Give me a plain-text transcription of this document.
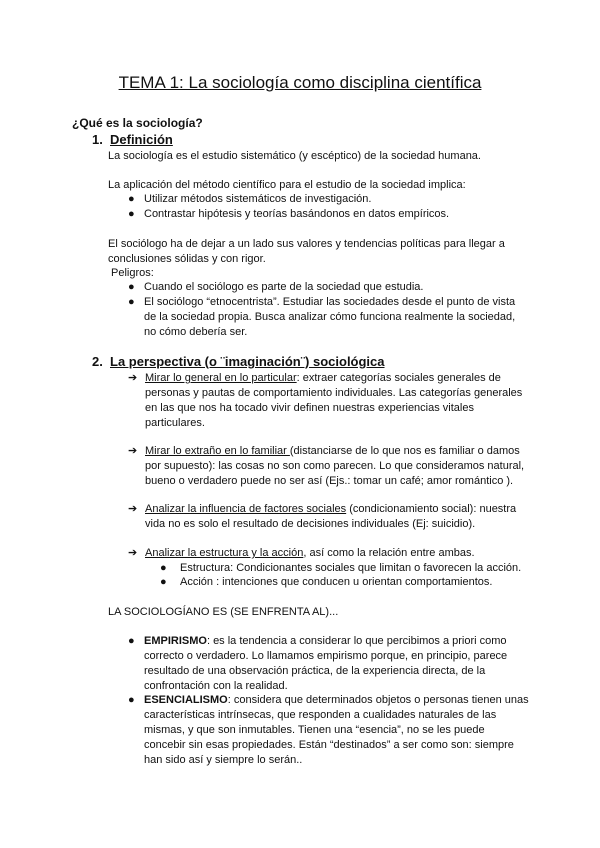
TEMA 1: La sociología como disciplina científica
¿Qué es la sociología?
1. Definición
La sociología es el estudio sistemático (y escéptico) de la sociedad humana.
La aplicación del método científico para el estudio de la sociedad implica:
● Utilizar métodos sistemáticos de investigación.
● Contrastar hipótesis y teorías basándonos en datos empíricos.
El sociólogo ha de dejar a un lado sus valores y tendencias políticas para llegar a conclusiones sólidas y con rigor.
Peligros:
● Cuando el sociólogo es parte de la sociedad que estudia.
● El sociólogo “etnocentrista”. Estudiar las sociedades desde el punto de vista de la sociedad propia. Busca analizar cómo funciona realmente la sociedad, no cómo debería ser.
2. La perspectiva (o ¨imaginación¨) sociológica
➔ Mirar lo general en lo particular: extraer categorías sociales generales de personas y pautas de comportamiento individuales. Las categorías generales en las que nos ha tocado vivir definen nuestras experiencias vitales particulares.
➔ Mirar lo extraño en lo familiar (distanciarse de lo que nos es familiar o damos por supuesto): las cosas no son como parecen. Lo que consideramos natural, bueno o verdadero puede no ser así (Ejs.: tomar un café; amor romántico ).
➔ Analizar la influencia de factores sociales (condicionamiento social): nuestra vida no es solo el resultado de decisiones individuales (Ej: suicidio).
➔ Analizar la estructura y la acción, así como la relación entre ambas.
● Estructura: Condicionantes sociales que limitan o favorecen la acción.
● Acción : intenciones que conducen u orientan comportamientos.
LA SOCIOLOGÍANO ES (SE ENFRENTA AL)...
● EMPIRISMO: es la tendencia a considerar lo que percibimos a priori como correcto o verdadero. Lo llamamos empirismo porque, en principio, parece resultado de una observación práctica, de la experiencia directa, de la confrontación con la realidad.
● ESENCIALISMO: considera que determinados objetos o personas tienen unas características intrínsecas, que responden a cualidades naturales de las mismas, y que son inmutables. Tienen una “esencia”, no se les puede concebir sin esas propiedades. Están “destinados” a ser como son: siempre han sido así y siempre lo serán..
